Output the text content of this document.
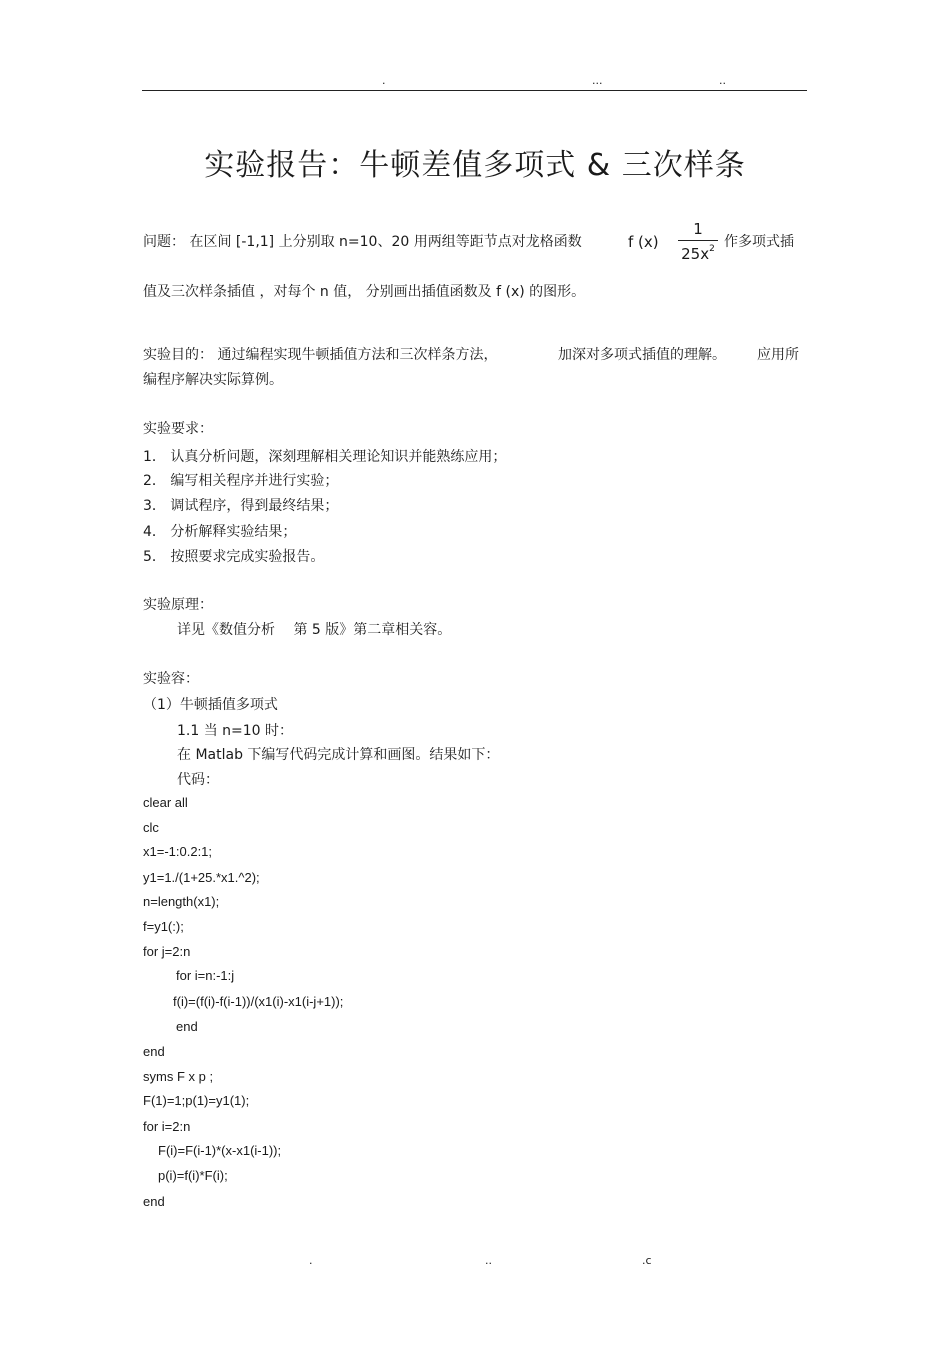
.	...	..
实验报告：牛顿差值多项式 & 三次样条
问题： 在区间 [-1,1] 上分别取 n=10、20 用两组等距节点对龙格函数	f (x)
1
$25x^2$ 作多项式插
值及三次样条插值 ，对每个 n 值， 分别画出插值函数及 f (x) 的图形。
实验目的： 通过编程实现牛顿插值方法和三次样条方法，	加深对多项式插值的理解。 应用所
编程序解决实际算例。
实验要求：
1． 认真分析问题，深刻理解相关理论知识并能熟练应用；
2． 编写相关程序并进行实验；
3． 调试程序，得到最终结果；
4． 分析解释实验结果；
5． 按照要求完成实验报告。
实验原理：
详见《数值分析　 第 5 版》第二章相关容。
实验容：
（1）牛顿插值多项式
1.1 当 n=10 时：
在 Matlab 下编写代码完成计算和画图。结果如下：
代码：
clear all
clc
x1=-1:0.2:1;
y1=1./(1+25.*x1.^2);
n=length(x1);
f=y1(:);
for j=2:n
for i=n:-1:j
f(i)=(f(i)-f(i-1))/(x1(i)-x1(i-j+1));
end
end
syms F x p ;
F(1)=1;p(1)=y1(1);
for i=2:n
F(i)=F(i-1)*(x-x1(i-1));
p(i)=f(i)*F(i);
end
.	..	.c
